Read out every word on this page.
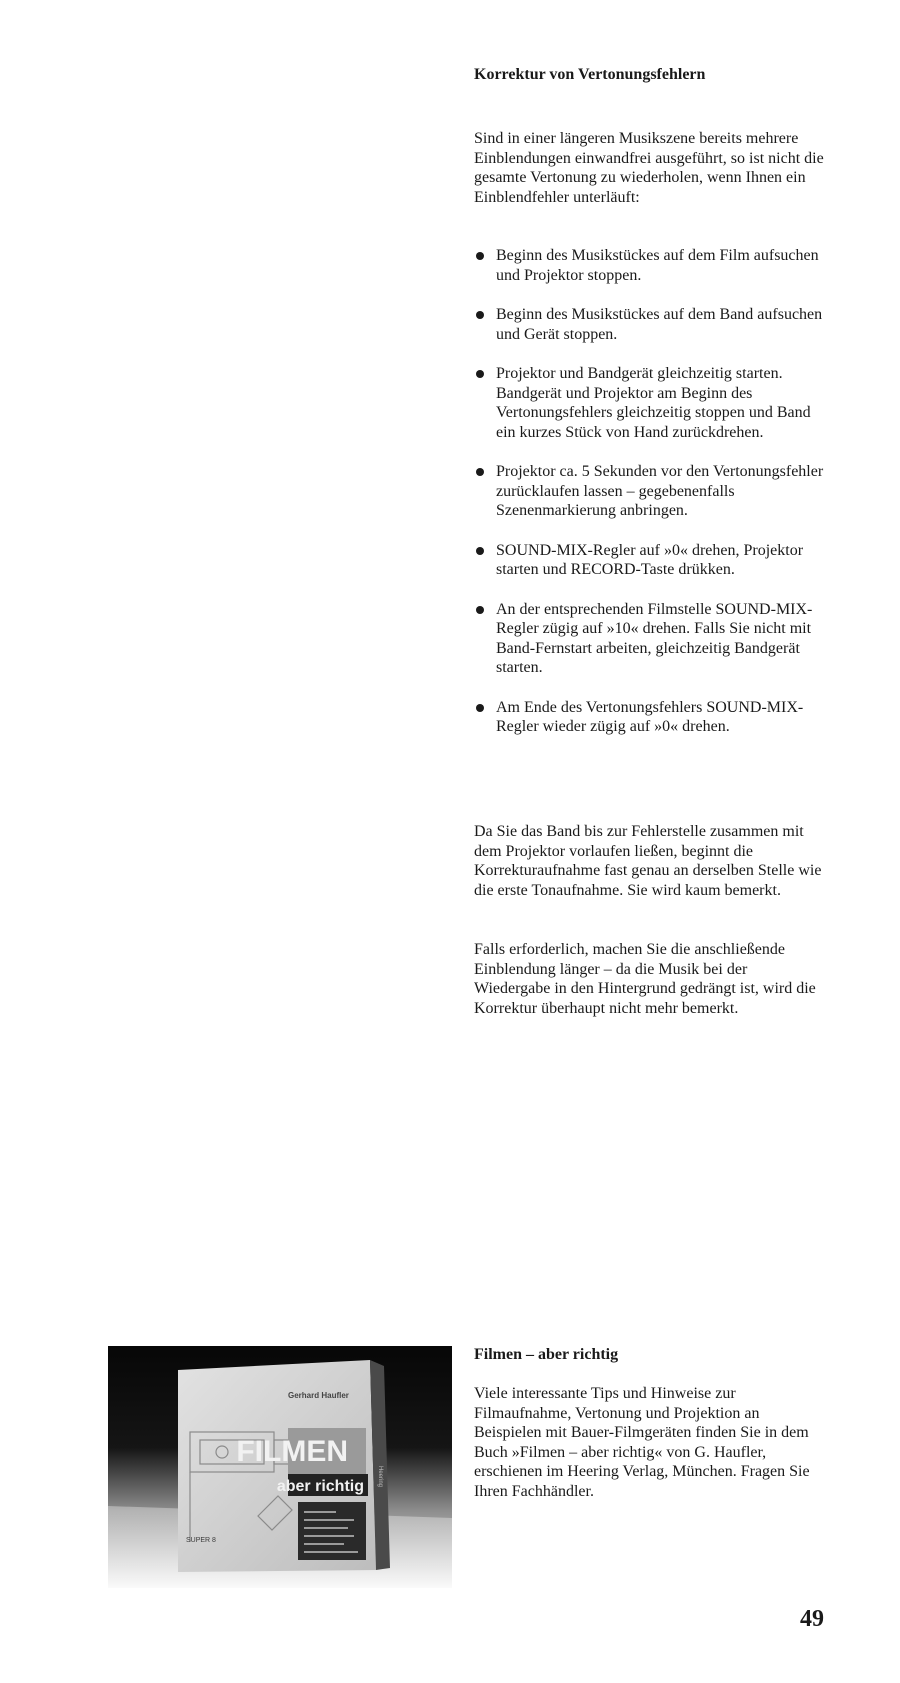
Korrektur von Vertonungsfehlern

Sind in einer längeren Musikszene bereits mehrere Einblendungen einwandfrei ausgeführt, so ist nicht die gesamte Vertonung zu wiederholen, wenn Ihnen ein Einblendfehler unterläuft:

Beginn des Musikstückes auf dem Film aufsuchen und Projektor stoppen.
Beginn des Musikstückes auf dem Band aufsuchen und Gerät stoppen.
Projektor und Bandgerät gleichzeitig starten. Bandgerät und Projektor am Beginn des Vertonungsfehlers gleichzeitig stoppen und Band ein kurzes Stück von Hand zurückdrehen.
Projektor ca. 5 Sekunden vor den Vertonungsfehler zurücklaufen lassen – gegebenenfalls Szenenmarkierung anbringen.
SOUND-MIX-Regler auf »0« drehen, Projektor starten und RECORD-Taste drükken.
An der entsprechenden Filmstelle SOUND-MIX-Regler zügig auf »10« drehen. Falls Sie nicht mit Band-Fernstart arbeiten, gleichzeitig Bandgerät starten.
Am Ende des Vertonungsfehlers SOUND-MIX-Regler wieder zügig auf »0« drehen.

Da Sie das Band bis zur Fehlerstelle zusammen mit dem Projektor vorlaufen ließen, beginnt die Korrekturaufnahme fast genau an derselben Stelle wie die erste Tonaufnahme. Sie wird kaum bemerkt.

Falls erforderlich, machen Sie die anschließende Einblendung länger – da die Musik bei der Wiedergabe in den Hintergrund gedrängt ist, wird die Korrektur überhaupt nicht mehr bemerkt.

FILMEN
aber richtig
Gerhard Haufler
SUPER 8
Heering

Filmen – aber richtig

Viele interessante Tips und Hinweise zur Filmaufnahme, Vertonung und Projektion an Beispielen mit Bauer-Filmgeräten finden Sie in dem Buch »Filmen – aber richtig« von G. Haufler, erschienen im Heering Verlag, München. Fragen Sie Ihren Fachhändler.

49
